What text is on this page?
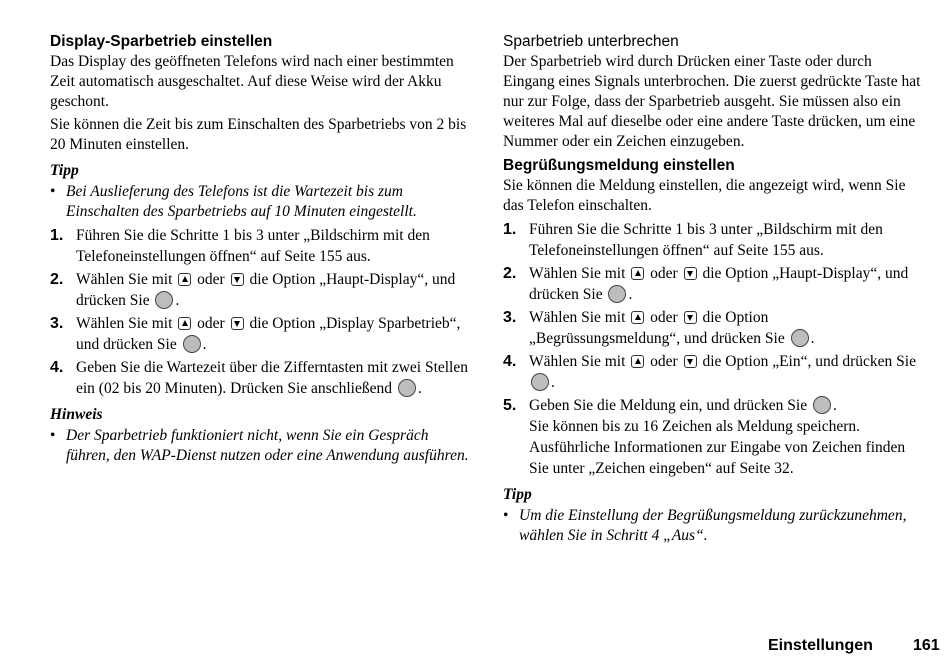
Display-Sparbetrieb einstellen

Das Display des geöffneten Telefons wird nach einer bestimmten Zeit automatisch ausgeschaltet. Auf diese Weise wird der Akku geschont.

Sie können die Zeit bis zum Einschalten des Sparbetriebs von 2 bis 20 Minuten einstellen.

Tipp
• Bei Auslieferung des Telefons ist die Wartezeit bis zum Einschalten des Sparbetriebs auf 10 Minuten eingestellt.
1. Führen Sie die Schritte 1 bis 3 unter „Bildschirm mit den Telefoneinstellungen öffnen“ auf Seite 155 aus.
2. Wählen Sie mit oder die Option „Haupt-Display“, und drücken Sie .
3. Wählen Sie mit oder die Option „Display Sparbetrieb“, und drücken Sie .
4. Geben Sie die Wartezeit über die Zifferntasten mit zwei Stellen ein (02 bis 20 Minuten). Drücken Sie anschließend .
Hinweis
• Der Sparbetrieb funktioniert nicht, wenn Sie ein Gespräch führen, den WAP-Dienst nutzen oder eine Anwendung ausführen.
Sparbetrieb unterbrechen

Der Sparbetrieb wird durch Drücken einer Taste oder durch Eingang eines Signals unterbrochen. Die zuerst gedrückte Taste hat nur zur Folge, dass der Sparbetrieb ausgeht. Sie müssen also ein weiteres Mal auf dieselbe oder eine andere Taste drücken, um eine Nummer oder ein Zeichen einzugeben.

Begrüßungsmeldung einstellen

Sie können die Meldung einstellen, die angezeigt wird, wenn Sie das Telefon einschalten.

1. Führen Sie die Schritte 1 bis 3 unter „Bildschirm mit den Telefoneinstellungen öffnen“ auf Seite 155 aus.
2. Wählen Sie mit oder die Option „Haupt-Display“, und drücken Sie .
3. Wählen Sie mit oder die Option „Begrüssungsmeldung“, und drücken Sie .
4. Wählen Sie mit oder die Option „Ein“, und drücken Sie .
5. Geben Sie die Meldung ein, und drücken Sie .
Sie können bis zu 16 Zeichen als Meldung speichern. Ausführliche Informationen zur Eingabe von Zeichen finden Sie unter „Zeichen eingeben“ auf Seite 32.
Tipp
• Um die Einstellung der Begrüßungsmeldung zurückzunehmen, wählen Sie in Schritt 4 „Aus“.
Einstellungen	161
